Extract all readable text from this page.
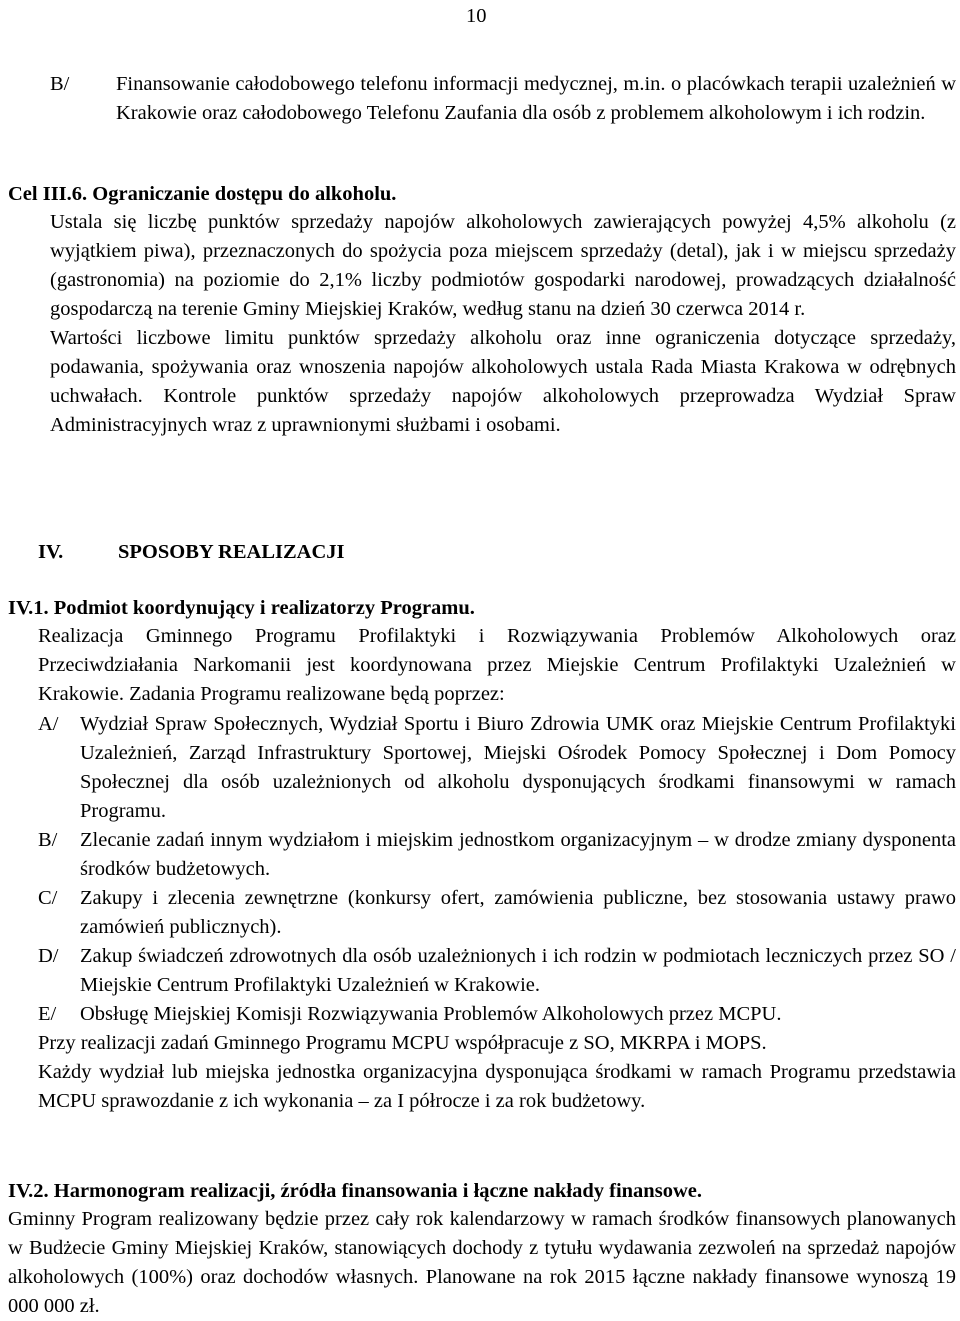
10
B/	Finansowanie całodobowego telefonu informacji medycznej, m.in. o placówkach terapii uzależnień w Krakowie oraz całodobowego Telefonu Zaufania dla osób z problemem alkoholowym i ich rodzin.
Cel III.6. Ograniczanie dostępu do alkoholu.

Ustala się liczbę punktów sprzedaży napojów alkoholowych zawierających powyżej 4,5% alkoholu (z wyjątkiem piwa), przeznaczonych do spożycia poza miejscem sprzedaży (detal), jak i w miejscu sprzedaży (gastronomia) na poziomie do 2,1% liczby podmiotów gospodarki narodowej, prowadzących działalność gospodarczą na terenie Gminy Miejskiej Kraków, według stanu na dzień 30 czerwca 2014 r.

Wartości liczbowe limitu punktów sprzedaży alkoholu oraz inne ograniczenia dotyczące sprzedaży, podawania, spożywania oraz wnoszenia napojów alkoholowych ustala Rada Miasta Krakowa w odrębnych uchwałach. Kontrole punktów sprzedaży napojów alkoholowych przeprowadza Wydział Spraw Administracyjnych wraz z uprawnionymi służbami i osobami.

IV.	SPOSOBY REALIZACJI
IV.1. Podmiot koordynujący i realizatorzy Programu.

Realizacja Gminnego Programu Profilaktyki i Rozwiązywania Problemów Alkoholowych oraz Przeciwdziałania Narkomanii jest koordynowana przez Miejskie Centrum Profilaktyki Uzależnień w Krakowie. Zadania Programu realizowane będą poprzez:

A/	Wydział Spraw Społecznych, Wydział Sportu i Biuro Zdrowia UMK oraz Miejskie Centrum Profilaktyki Uzależnień, Zarząd Infrastruktury Sportowej, Miejski Ośrodek Pomocy Społecznej i Dom Pomocy Społecznej dla osób uzależnionych od alkoholu dysponujących środkami finansowymi w ramach Programu.
B/	Zlecanie zadań innym wydziałom i miejskim jednostkom organizacyjnym – w drodze zmiany dysponenta środków budżetowych.
C/	Zakupy i zlecenia zewnętrzne (konkursy ofert, zamówienia publiczne, bez stosowania ustawy prawo zamówień publicznych).
D/	Zakup świadczeń zdrowotnych dla osób uzależnionych i ich rodzin w podmiotach leczniczych przez SO / Miejskie Centrum Profilaktyki Uzależnień w Krakowie.
E/	Obsługę Miejskiej Komisji Rozwiązywania Problemów Alkoholowych przez MCPU.

Przy realizacji zadań Gminnego Programu MCPU współpracuje z SO, MKRPA i MOPS.

Każdy wydział lub miejska jednostka organizacyjna dysponująca środkami w ramach Programu przedstawia MCPU sprawozdanie z ich wykonania – za I półrocze i za rok budżetowy.

IV.2. Harmonogram realizacji, źródła finansowania i łączne nakłady finansowe.

Gminny Program realizowany będzie przez cały rok kalendarzowy w ramach środków finansowych planowanych w Budżecie Gminy Miejskiej Kraków, stanowiących dochody z tytułu wydawania zezwoleń na sprzedaż napojów alkoholowych (100%) oraz dochodów własnych. Planowane na rok 2015 łączne nakłady finansowe wynoszą 19 000 000 zł.
